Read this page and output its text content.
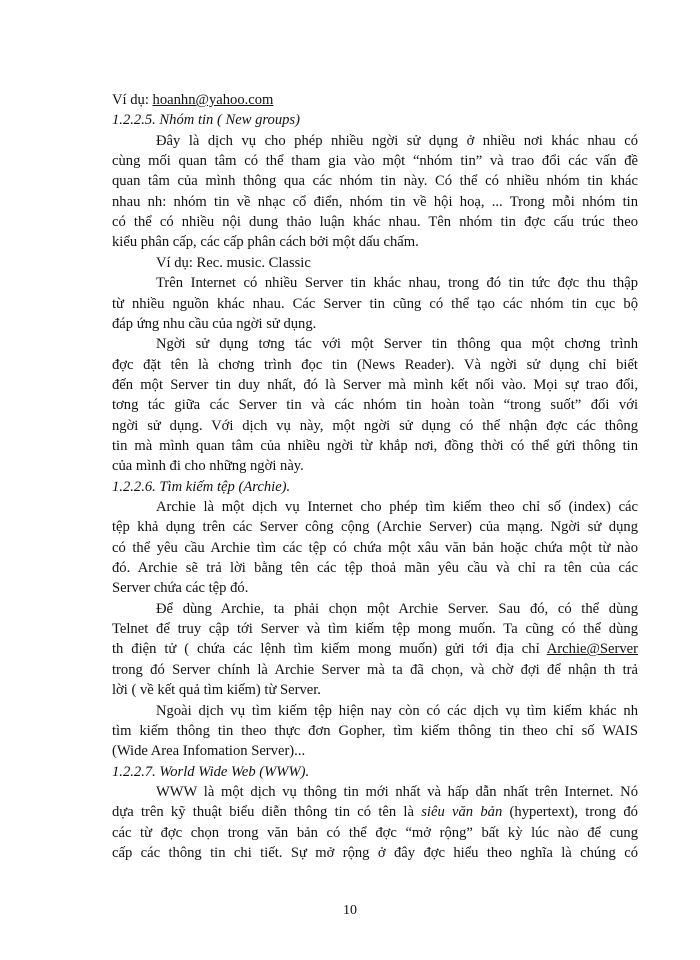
Ví dụ: hoanhn@yahoo.com
1.2.2.5. Nhóm tin ( New groups)
Đây là dịch vụ cho phép nhiều ngời sử dụng ở nhiều nơi khác nhau có
cùng mối quan tâm có thể tham gia vào một “nhóm tin” và trao đổi các vấn đề
quan tâm của mình thông qua các nhóm tin này. Có thể có nhiều nhóm tin khác
nhau nh: nhóm tin về nhạc cổ điển, nhóm tin về hội hoạ, ... Trong mỗi nhóm tin
có thể có nhiều nội dung thảo luận khác nhau. Tên nhóm tin đợc cấu trúc theo
kiểu phân cấp, các cấp phân cách bởi một dấu chấm.
Ví dụ: Rec. music. Classic
Trên Internet có nhiều Server tin khác nhau, trong đó tin tức đợc thu thập
từ nhiều nguồn khác nhau. Các Server tin cũng có thể tạo các nhóm tin cục bộ
đáp ứng nhu cầu của ngời sử dụng.
Ngời sử dụng tơng tác với một Server tin thông qua một chơng trình
đợc đặt tên là chơng trình đọc tin (News Reader). Và ngời sử dụng chỉ biết
đến một Server tin duy nhất, đó là Server mà mình kết nối vào. Mọi sự trao đổi,
tơng tác giữa các Server tin và các nhóm tin hoàn toàn “trong suốt” đối với
ngời sử dụng. Với dịch vụ này, một ngời sử dụng có thể nhận đợc các thông
tin mà mình quan tâm của nhiều ngời từ khắp nơi, đồng thời có thể gửi thông tin
của mình đi cho những ngời này.
1.2.2.6. Tìm kiếm tệp (Archie).
Archie là một dịch vụ Internet cho phép tìm kiếm theo chỉ số (index) các
tệp khả dụng trên các Server công cộng (Archie Server) của mạng. Ngời sử dụng
có thể yêu cầu Archie tìm các tệp có chứa một xâu văn bản hoặc chứa một từ nào
đó. Archie sẽ trả lời bằng tên các tệp thoả mãn yêu cầu và chỉ ra tên của các
Server chứa các tệp đó.
Để dùng Archie, ta phải chọn một Archie Server. Sau đó, có thể dùng
Telnet để truy cập tới Server và tìm kiếm tệp mong muốn. Ta cũng có thể dùng
th điện tử ( chứa các lệnh tìm kiếm mong muốn) gửi tới địa chỉ Archie@Server
trong đó Server chính là Archie Server mà ta đã chọn, và chờ đợi để nhận th trả
lời ( về kết quả tìm kiếm) từ Server.
Ngoài dịch vụ tìm kiếm tệp hiện nay còn có các dịch vụ tìm kiếm khác nh
tìm kiếm thông tin theo thực đơn Gopher, tìm kiếm thông tin theo chỉ số WAIS
(Wide Area Infomation Server)...
1.2.2.7. World Wide Web (WWW).
WWW là một dịch vụ thông tin mới nhất và hấp dẫn nhất trên Internet. Nó
dựa trên kỹ thuật biểu diễn thông tin có tên là siêu văn bản (hypertext), trong đó
các từ đợc chọn trong văn bản có thể đợc “mở rộng” bất kỳ lúc nào để cung
cấp các thông tin chi tiết. Sự mở rộng ở đây đợc hiểu theo nghĩa là chúng có
10
